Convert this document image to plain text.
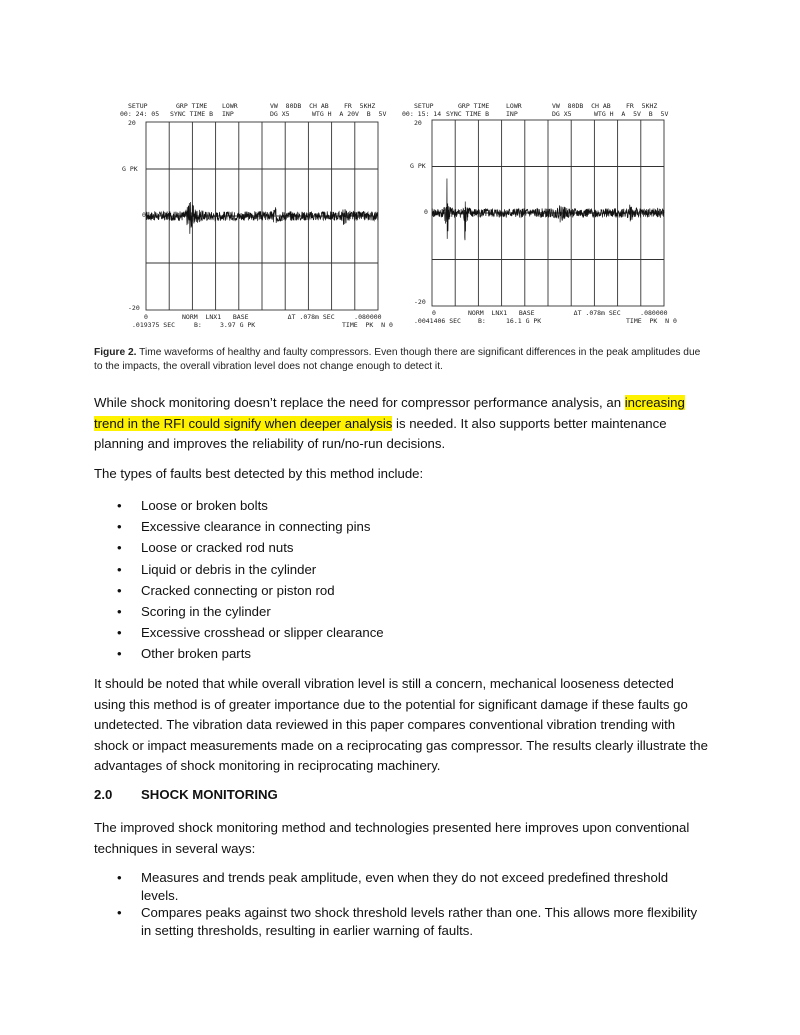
SETUP	GRP TIME LOWR	VW  80DB  CH AB FR  5KHZ
00: 24: 05 SYNC TIME B INP	DG X5	WTG H  A 20V  B  5V
20
G PK
0
-20
0	NORM  LNX1   BASE          ΔT .078m SEC     .080000
.019375 SEC	B:	3.97 G PK	TIME  PK  N 0
SETUP	GRP TIME	LOWR	VW  80DB  CH AB FR  5KHZ
00: 15: 14 SYNC TIME B	INP	DG X5	WTG H  A  5V  B  5V
20
G PK
0
-20
0	NORM  LNX1   BASE          ΔT .078m SEC     .080000
.0041406 SEC	B:	16.1 G PK	TIME  PK  N 0
Figure 2. Time waveforms of healthy and faulty compressors. Even though there are significant differences in the peak amplitudes due to the impacts, the overall vibration level does not change enough to detect it.
While shock monitoring doesn’t replace the need for compressor performance analysis, an increasing trend in the RFI could signify when deeper analysis is needed. It also supports better maintenance planning and improves the reliability of run/no-run decisions.
The types of faults best detected by this method include:
• Loose or broken bolts
• Excessive clearance in connecting pins
• Loose or cracked rod nuts
• Liquid or debris in the cylinder
• Cracked connecting or piston rod
• Scoring in the cylinder
• Excessive crosshead or slipper clearance
• Other broken parts
It should be noted that while overall vibration level is still a concern, mechanical looseness detected using this method is of greater importance due to the potential for significant damage if these faults go undetected. The vibration data reviewed in this paper compares conventional vibration trending with shock or impact measurements made on a reciprocating gas compressor. The results clearly illustrate the advantages of shock monitoring in reciprocating machinery.
2.0 SHOCK MONITORING
The improved shock monitoring method and technologies presented here improves upon conventional techniques in several ways:
• Measures and trends peak amplitude, even when they do not exceed predefined threshold levels.
• Compares peaks against two shock threshold levels rather than one. This allows more flexibility in setting thresholds, resulting in earlier warning of faults.
